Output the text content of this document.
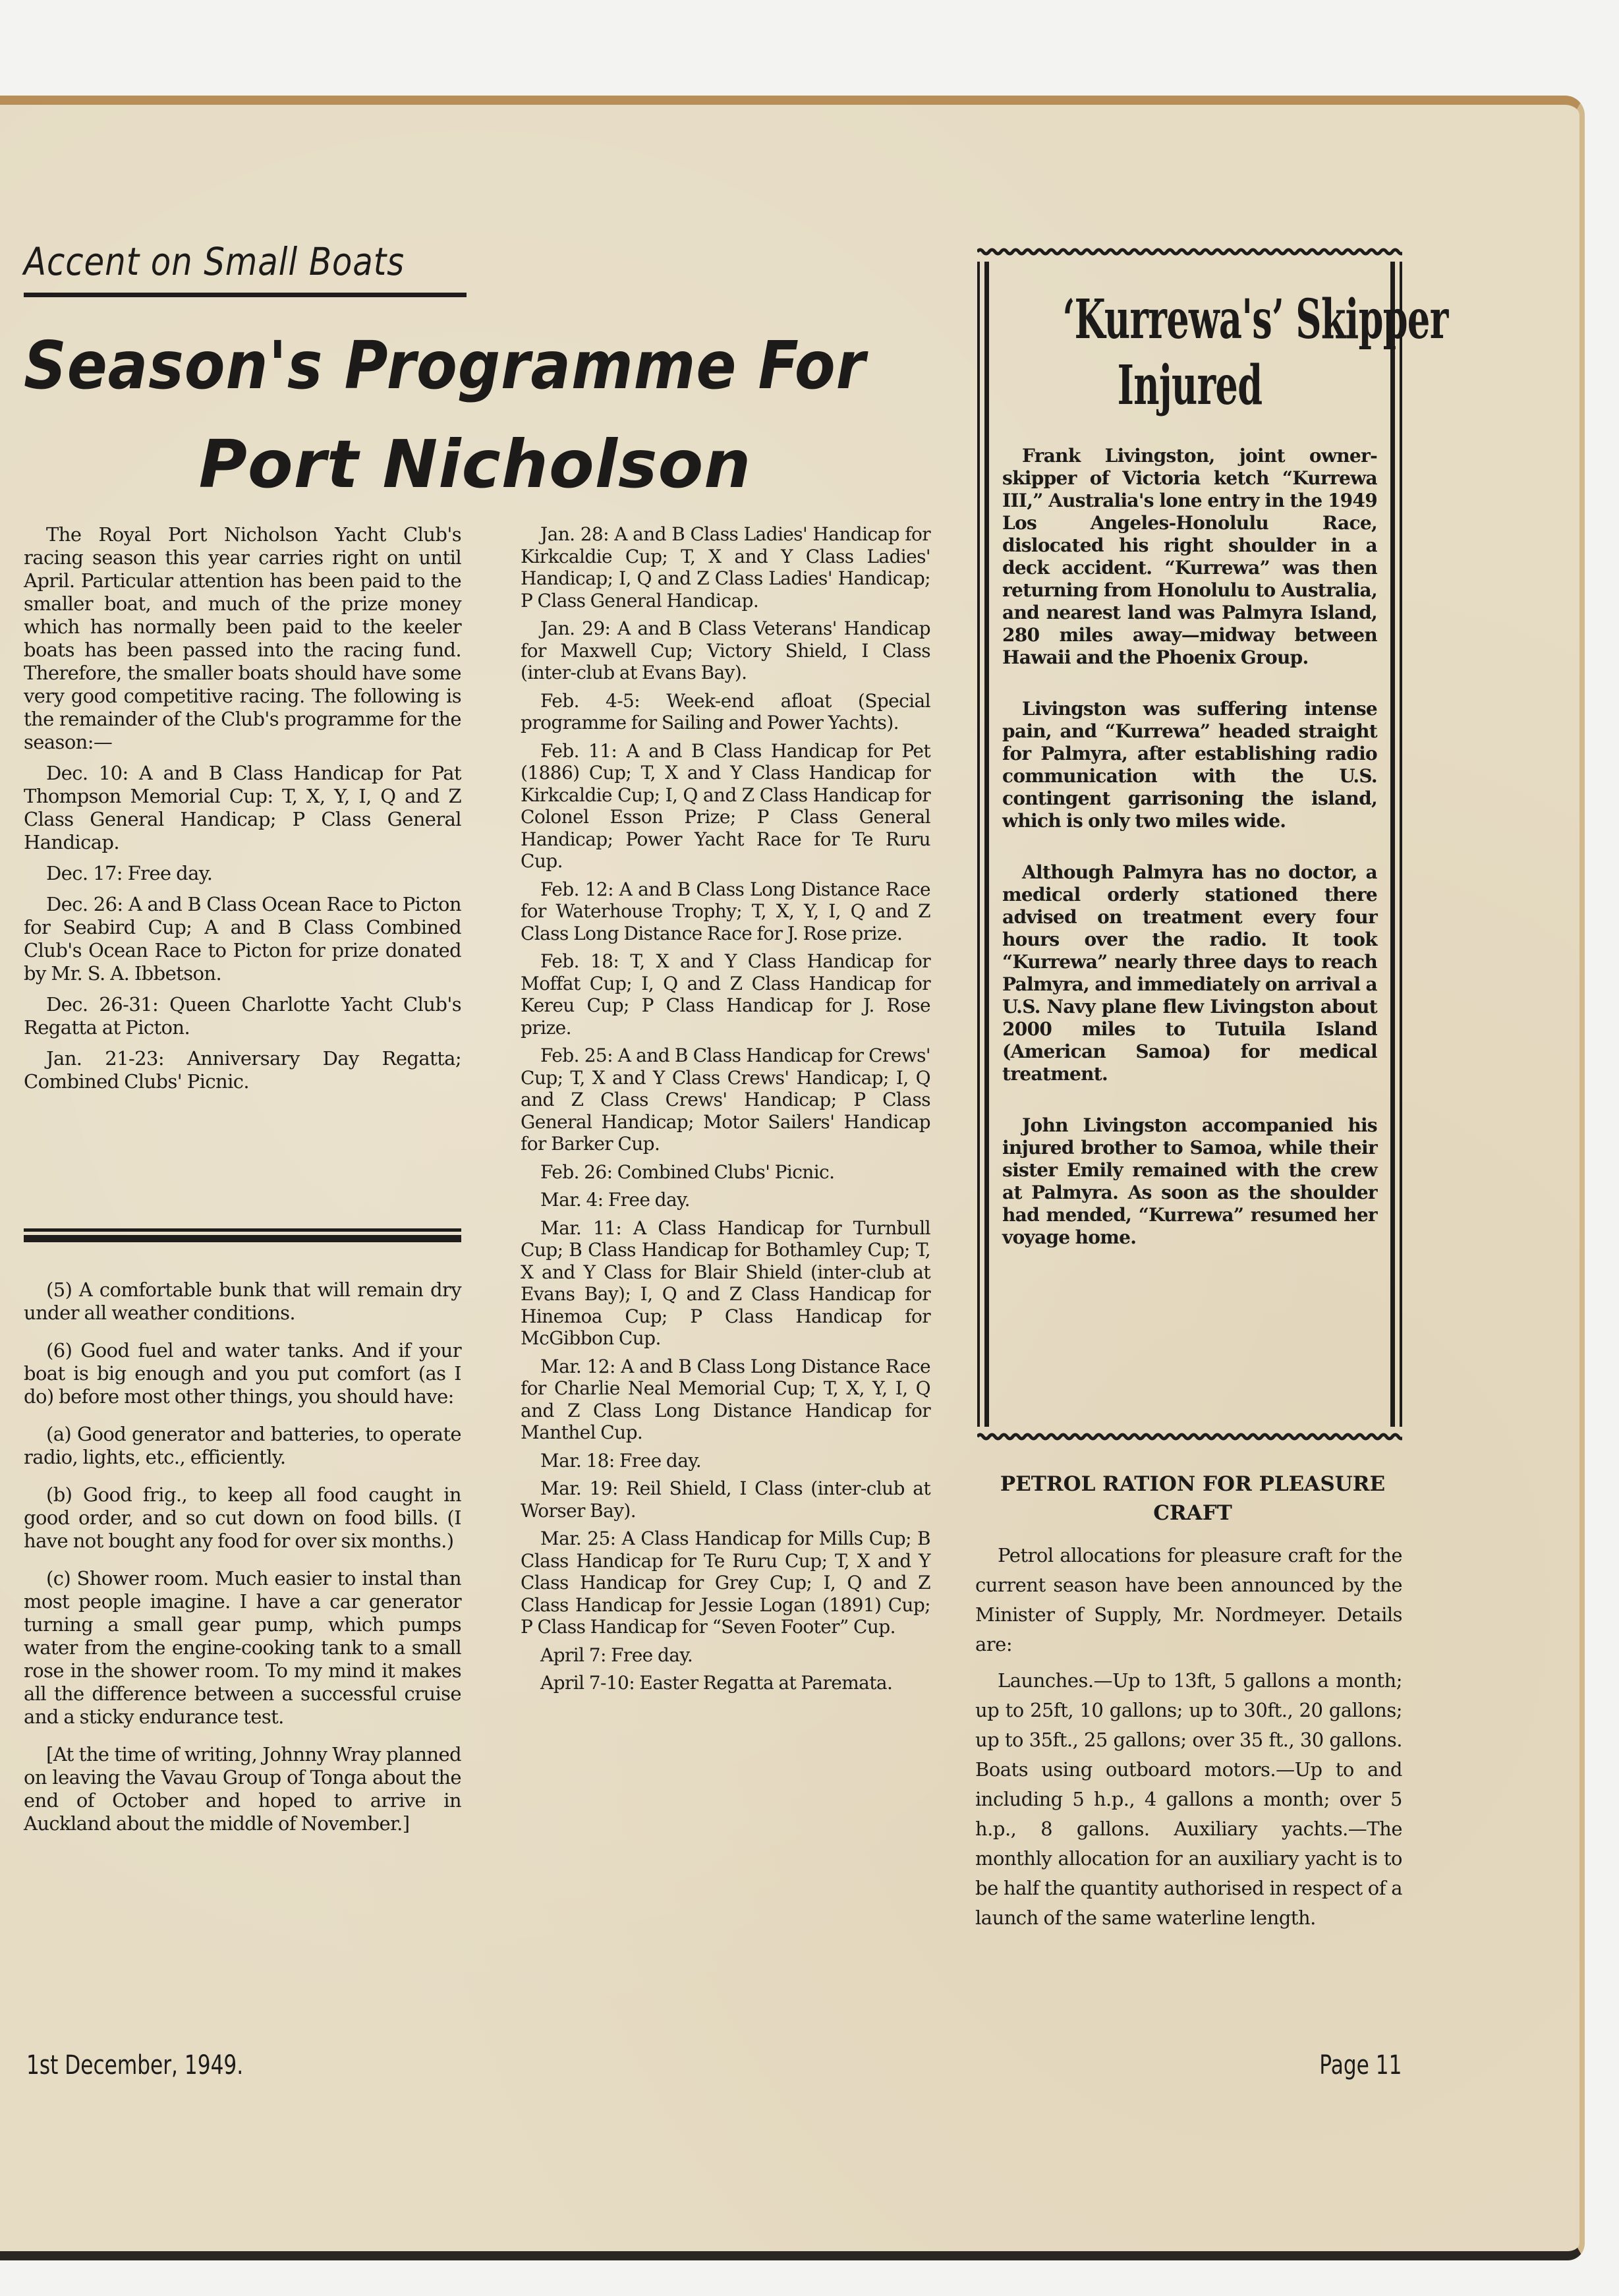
Accent on Small Boats
Season's Programme For
Port Nicholson

The Royal Port Nicholson Yacht Club's racing season this year carries right on until April. Particular attention has been paid to the smaller boat, and much of the prize money which has normally been paid to the keeler boats has been passed into the racing fund. Therefore, the smaller boats should have some very good competitive racing. The following is the remainder of the Club's programme for the season:—

Dec. 10: A and B Class Handicap for Pat Thompson Memorial Cup: T, X, Y, I, Q and Z Class General Handicap; P Class General Handicap.

Dec. 17: Free day.

Dec. 26: A and B Class Ocean Race to Picton for Seabird Cup; A and B Class Combined Club's Ocean Race to Picton for prize donated by Mr. S. A. Ibbetson.

Dec. 26-31: Queen Charlotte Yacht Club's Regatta at Picton.

Jan. 21-23: Anniversary Day Regatta; Combined Clubs' Picnic.

(5) A comfortable bunk that will remain dry under all weather conditions.

(6) Good fuel and water tanks. And if your boat is big enough and you put comfort (as I do) before most other things, you should have:

(a) Good generator and batteries, to operate radio, lights, etc., efficiently.

(b) Good frig., to keep all food caught in good order, and so cut down on food bills. (I have not bought any food for over six months.)

(c) Shower room. Much easier to instal than most people imagine. I have a car generator turning a small gear pump, which pumps water from the engine-cooking tank to a small rose in the shower room. To my mind it makes all the difference between a successful cruise and a sticky endurance test.

[At the time of writing, Johnny Wray planned on leaving the Vavau Group of Tonga about the end of October and hoped to arrive in Auckland about the middle of November.]

Jan. 28: A and B Class Ladies' Handicap for Kirkcaldie Cup; T, X and Y Class Ladies' Handicap; I, Q and Z Class Ladies' Handicap; P Class General Handicap.

Jan. 29: A and B Class Veterans' Handicap for Maxwell Cup; Victory Shield, I Class (inter-club at Evans Bay).

Feb. 4-5: Week-end afloat (Special programme for Sailing and Power Yachts).

Feb. 11: A and B Class Handicap for Pet (1886) Cup; T, X and Y Class Handicap for Kirkcaldie Cup; I, Q and Z Class Handicap for Colonel Esson Prize; P Class General Handicap; Power Yacht Race for Te Ruru Cup.

Feb. 12: A and B Class Long Distance Race for Waterhouse Trophy; T, X, Y, I, Q and Z Class Long Distance Race for J. Rose prize.

Feb. 18: T, X and Y Class Handicap for Moffat Cup; I, Q and Z Class Handicap for Kereu Cup; P Class Handicap for J. Rose prize.

Feb. 25: A and B Class Handicap for Crews' Cup; T, X and Y Class Crews' Handicap; I, Q and Z Class Crews' Handicap; P Class General Handicap; Motor Sailers' Handicap for Barker Cup.

Feb. 26: Combined Clubs' Picnic.

Mar. 4: Free day.

Mar. 11: A Class Handicap for Turnbull Cup; B Class Handicap for Bothamley Cup; T, X and Y Class for Blair Shield (inter-club at Evans Bay); I, Q and Z Class Handicap for Hinemoa Cup; P Class Handicap for McGibbon Cup.

Mar. 12: A and B Class Long Distance Race for Charlie Neal Memorial Cup; T, X, Y, I, Q and Z Class Long Distance Handicap for Manthel Cup.

Mar. 18: Free day.

Mar. 19: Reil Shield, I Class (inter-club at Worser Bay).

Mar. 25: A Class Handicap for Mills Cup; B Class Handicap for Te Ruru Cup; T, X and Y Class Handicap for Grey Cup; I, Q and Z Class Handicap for Jessie Logan (1891) Cup; P Class Handicap for “Seven Footer” Cup.

April 7: Free day.

April 7-10: Easter Regatta at Paremata.

‘Kurrewa's’ Skipper
Injured

Frank Livingston, joint owner-skipper of Victoria ketch “Kurrewa III,” Australia's lone entry in the 1949 Los Angeles-Honolulu Race, dislocated his right shoulder in a deck accident. “Kurrewa” was then returning from Honolulu to Australia, and nearest land was Palmyra Island, 280 miles away—midway between Hawaii and the Phoenix Group.

Livingston was suffering intense pain, and “Kurrewa” headed straight for Palmyra, after establishing radio communication with the U.S. contingent garrisoning the island, which is only two miles wide.

Although Palmyra has no doctor, a medical orderly stationed there advised on treatment every four hours over the radio. It took “Kurrewa” nearly three days to reach Palmyra, and immediately on arrival a U.S. Navy plane flew Livingston about 2000 miles to Tutuila Island (American Samoa) for medical treatment.

John Livingston accompanied his injured brother to Samoa, while their sister Emily remained with the crew at Palmyra. As soon as the shoulder had mended, “Kurrewa” resumed her voyage home.

PETROL RATION FOR PLEASURE
CRAFT

Petrol allocations for pleasure craft for the current season have been announced by the Minister of Supply, Mr. Nordmeyer. Details are:

Launches.—Up to 13ft, 5 gallons a month; up to 25ft, 10 gallons; up to 30ft., 20 gallons; up to 35ft., 25 gallons; over 35 ft., 30 gallons. Boats using outboard motors.—Up to and including 5 h.p., 4 gallons a month; over 5 h.p., 8 gallons. Auxiliary yachts.—The monthly allocation for an auxiliary yacht is to be half the quantity authorised in respect of a launch of the same waterline length.

1st December, 1949.	Page 11
